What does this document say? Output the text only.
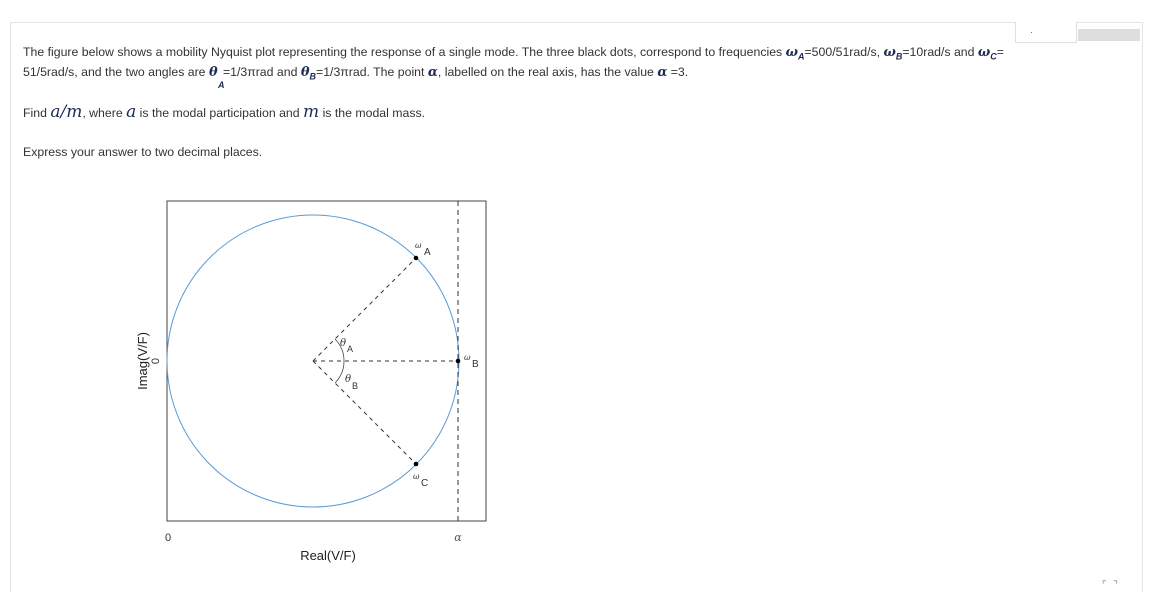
·
The figure below shows a mobility Nyquist plot representing the response of a single mode. The three black dots, correspond to frequencies $\omega_A=500/51rad/s$, $\omega_B=10rad/s$ and $\omega_C=$
51/5rad/s, and the two angles are θ
A
=1/3πrad and $\theta_B=1/3\pi rad$. The point α, labelled on the real axis, has the value α =3.
Find a/m, where a is the modal participation and m is the modal mass.
Express your answer to two decimal places.
ω
A
ω
B
ω
C
θ A
θ
B
0	α
0
Real(V/F)
Imag(V/F)
⌜ ⌝
